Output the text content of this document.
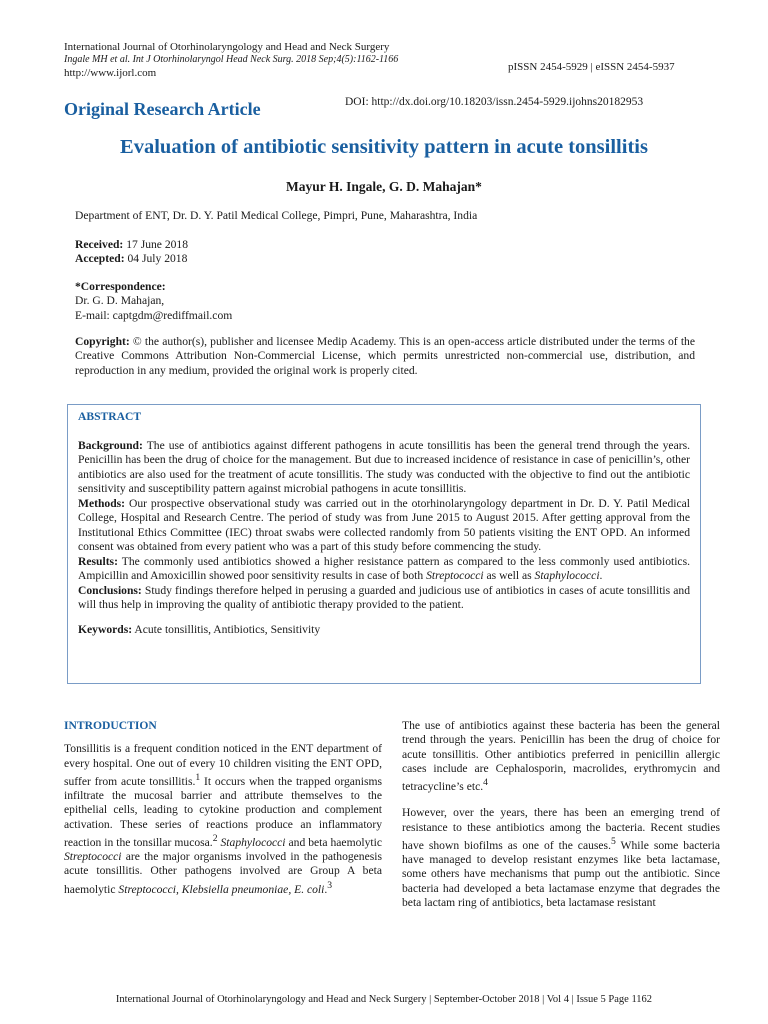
International Journal of Otorhinolaryngology and Head and Neck Surgery
Ingale MH et al. Int J Otorhinolaryngol Head Neck Surg. 2018 Sep;4(5):1162-1166
http://www.ijorl.com	pISSN 2454-5929 | eISSN 2454-5937
Original Research Article	DOI: http://dx.doi.org/10.18203/issn.2454-5929.ijohns20182953
Evaluation of antibiotic sensitivity pattern in acute tonsillitis
Mayur H. Ingale, G. D. Mahajan*
Department of ENT, Dr. D. Y. Patil Medical College, Pimpri, Pune, Maharashtra, India
Received: 17 June 2018
Accepted: 04 July 2018
*Correspondence:
Dr. G. D. Mahajan,
E-mail: captgdm@rediffmail.com
Copyright: © the author(s), publisher and licensee Medip Academy. This is an open-access article distributed under the terms of the Creative Commons Attribution Non-Commercial License, which permits unrestricted non-commercial use, distribution, and reproduction in any medium, provided the original work is properly cited.
ABSTRACT

Background: The use of antibiotics against different pathogens in acute tonsillitis has been the general trend through the years. Penicillin has been the drug of choice for the management. But due to increased incidence of resistance in case of penicillin’s, other antibiotics are also used for the treatment of acute tonsillitis. The study was conducted with the objective to find out the antibiotic sensitivity and susceptibility pattern against microbial pathogens in acute tonsillitis.

Methods: Our prospective observational study was carried out in the otorhinolaryngology department in Dr. D. Y. Patil Medical College, Hospital and Research Centre. The period of study was from June 2015 to August 2015. After getting approval from the Institutional Ethics Committee (IEC) throat swabs were collected randomly from 50 patients visiting the ENT OPD. An informed consent was obtained from every patient who was a part of this study before commencing the study.

Results: The commonly used antibiotics showed a higher resistance pattern as compared to the less commonly used antibiotics. Ampicillin and Amoxicillin showed poor sensitivity results in case of both Streptococci as well as Staphylococci.

Conclusions: Study findings therefore helped in perusing a guarded and judicious use of antibiotics in cases of acute tonsillitis and will thus help in improving the quality of antibiotic therapy provided to the patient.

Keywords: Acute tonsillitis, Antibiotics, Sensitivity

INTRODUCTION

Tonsillitis is a frequent condition noticed in the ENT department of every hospital. One out of every 10 children visiting the ENT OPD, suffer from acute tonsillitis.$^1$ It occurs when the trapped organisms infiltrate the mucosal barrier and attribute themselves to the epithelial cells, leading to cytokine production and complement activation. These series of reactions produce an inflammatory reaction in the tonsillar mucosa.$^2$ Staphylococci and beta haemolytic Streptococci are the major organisms involved in the pathogenesis acute tonsillitis. Other pathogens involved are Group A beta haemolytic Streptococci, Klebsiella pneumoniae, E. coli.$^3$

The use of antibiotics against these bacteria has been the general trend through the years. Penicillin has been the drug of choice for acute tonsillitis. Other antibiotics preferred in penicillin allergic cases include are Cephalosporin, macrolides, erythromycin and tetracycline’s etc.$^4$

However, over the years, there has been an emerging trend of resistance to these antibiotics among the bacteria. Recent studies have shown biofilms as one of the causes.$^5$ While some bacteria have managed to develop resistant enzymes like beta lactamase, some others have mechanisms that pump out the antibiotic. Since bacteria had developed a beta lactamase enzyme that degrades the beta lactam ring of antibiotics, beta lactamase resistant

International Journal of Otorhinolaryngology and Head and Neck Surgery | September-October 2018 | Vol 4 | Issue 5 Page 1162
